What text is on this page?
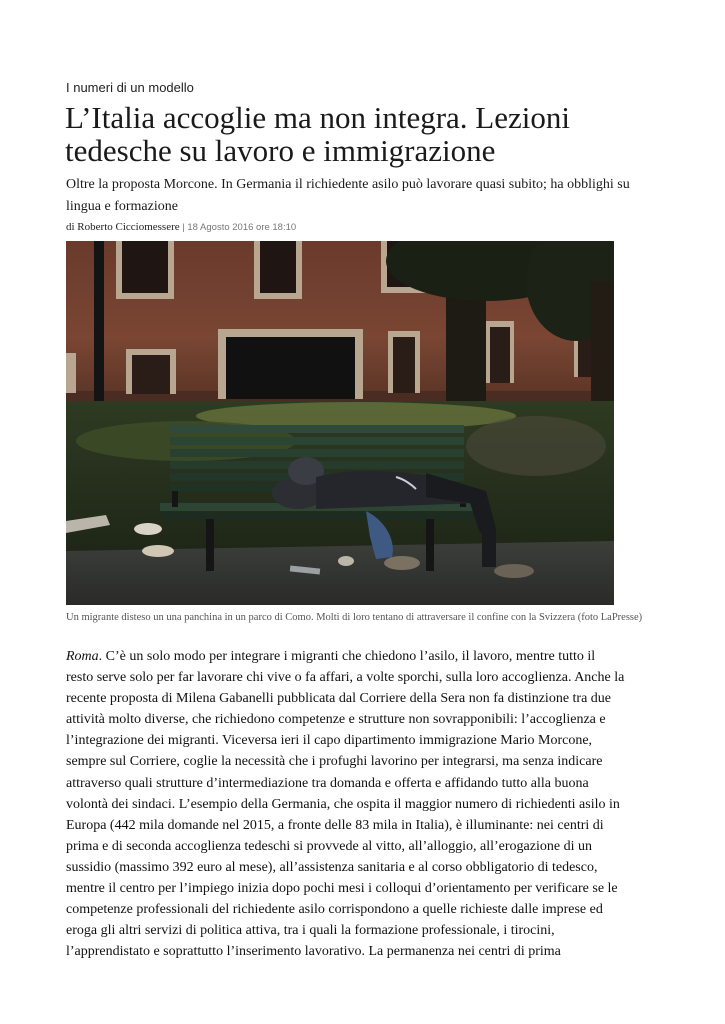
I numeri di un modello
L’Italia accoglie ma non integra. Lezioni tedesche su lavoro e immigrazione

Oltre la proposta Morcone. In Germania il richiedente asilo può lavorare quasi subito; ha obblighi su lingua e formazione

di Roberto Cicciomessere | 18 Agosto 2016 ore 18:10

Un migrante disteso un una panchina in un parco di Como. Molti di loro tentano di attraversare il confine con la Svizzera (foto LaPresse)

Roma. C’è un solo modo per integrare i migranti che chiedono l’asilo, il lavoro, mentre tutto il
resto serve solo per far lavorare chi vive o fa affari, a volte sporchi, sulla loro accoglienza. Anche la
recente proposta di Milena Gabanelli pubblicata dal Corriere della Sera non fa distinzione tra due
attività molto diverse, che richiedono competenze e strutture non sovrapponibili: l’accoglienza e
l’integrazione dei migranti. Viceversa ieri il capo dipartimento immigrazione Mario Morcone,
sempre sul Corriere, coglie la necessità che i profughi lavorino per integrarsi, ma senza indicare
attraverso quali strutture d’intermediazione tra domanda e offerta e affidando tutto alla buona
volontà dei sindaci. L’esempio della Germania, che ospita il maggior numero di richiedenti asilo in
Europa (442 mila domande nel 2015, a fronte delle 83 mila in Italia), è illuminante: nei centri di
prima e di seconda accoglienza tedeschi si provvede al vitto, all’alloggio, all’erogazione di un
sussidio (massimo 392 euro al mese), all’assistenza sanitaria e al corso obbligatorio di tedesco,
mentre il centro per l’impiego inizia dopo pochi mesi i colloqui d’orientamento per verificare se le
competenze professionali del richiedente asilo corrispondono a quelle richieste dalle imprese ed
eroga gli altri servizi di politica attiva, tra i quali la formazione professionale, i tirocini,
l’apprendistato e soprattutto l’inserimento lavorativo. La permanenza nei centri di prima
